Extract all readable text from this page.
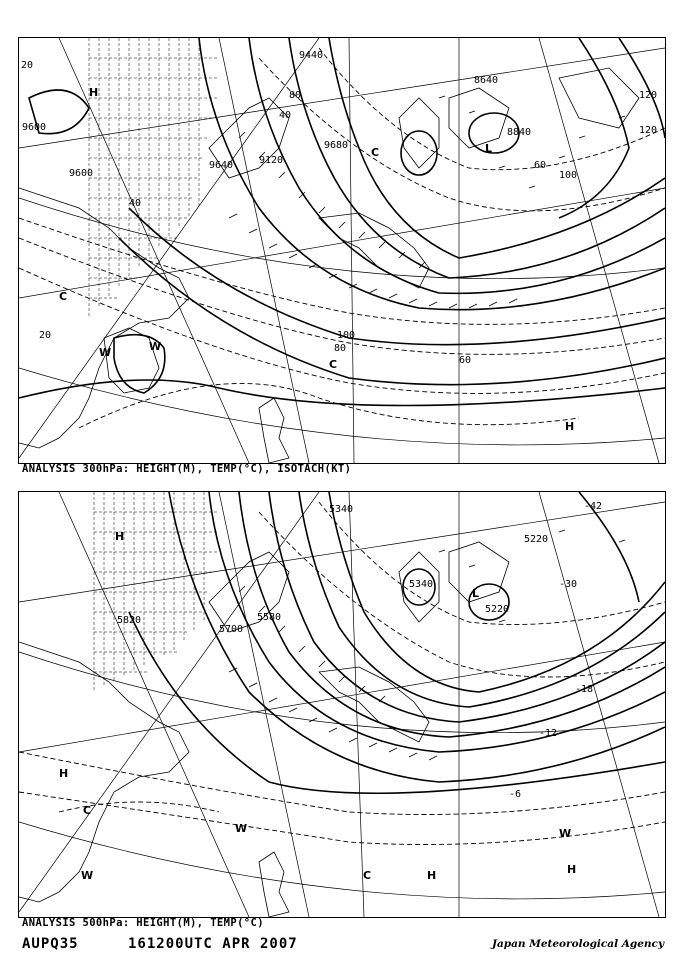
9600
9600
9680
9120
8640
8840
9640
9440
20
40
60
80
100
120
20
40
60
80
100
120
H
C
W	W
C
L
H
C
ANALYSIS 300hPa: HEIGHT(M), TEMP(°C), ISOTACH(KT)
5340
5220
5340
5580
5700
5820
5220
-18
-12
-6
-30
-42
H
L
H
C
W
W	C	H
W
H
ANALYSIS 500hPa: HEIGHT(M), TEMP(°C)
AUPQ35	161200UTC APR 2007	Japan Meteorological Agency
